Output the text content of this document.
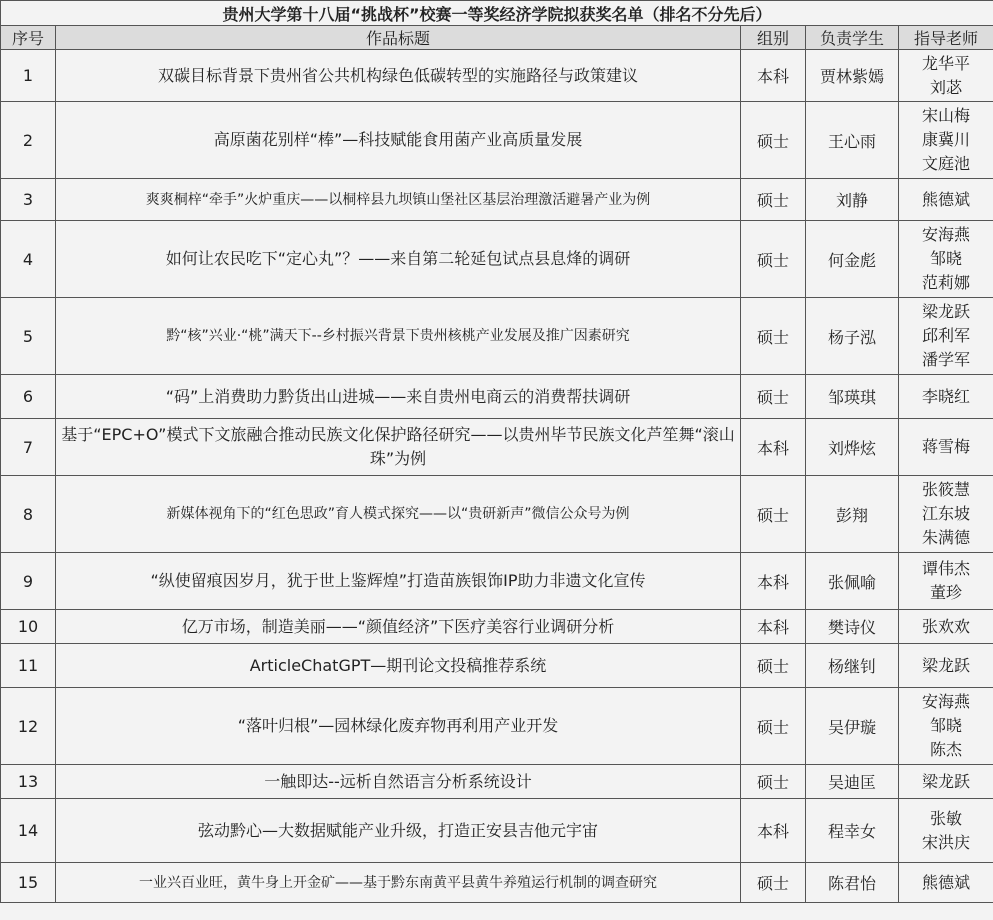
贵州大学第十八届“挑战杯”校赛一等奖经济学院拟获奖名单（排名不分先后）				
序号	作品标题	组别	负责学生	指导老师
1	双碳目标背景下贵州省公共机构绿色低碳转型的实施路径与政策建议	本科	贾林紫嫣	龙华平
刘苾

2	高原菌花别样“棒”—科技赋能食用菌产业高质量发展	硕士	王心雨	宋山梅
康冀川
文庭池

3	爽爽桐梓“牵手”火炉重庆——以桐梓县九坝镇山堡社区基层治理激活避暑产业为例	硕士	刘静	熊德斌

4	如何让农民吃下“定心丸”？——来自第二轮延包试点县息烽的调研	硕士	何金彪	安海燕
邹晓
范莉娜

5	黔“核”兴业·“桃”满天下--乡村振兴背景下贵州核桃产业发展及推广因素研究	硕士	杨子泓	梁龙跃
邱利军
潘学军

6	“码”上消费助力黔货出山进城——来自贵州电商云的消费帮扶调研	硕士	邹瑛琪	李晓红

7	基于“EPC+O”模式下文旅融合推动民族文化保护路径研究——以贵州毕节民族文化芦笙舞“滚山珠”为例	本科	刘烨炫	蒋雪梅

8	新媒体视角下的“红色思政”育人模式探究——以“贵研新声”微信公众号为例	硕士	彭翔	张筱慧
江东坡
朱满德

9	“纵使留痕因岁月，犹于世上鉴辉煌”打造苗族银饰IP助力非遗文化宣传	本科	张佩喻	谭伟杰
董珍

10	亿万市场，制造美丽——“颜值经济”下医疗美容行业调研分析	本科	樊诗仪	张欢欢

11	ArticleChatGPT—期刊论文投稿推荐系统	硕士	杨继钊	梁龙跃

12	“落叶归根”—园林绿化废弃物再利用产业开发	硕士	吴伊璇	安海燕
邹晓
陈杰

13	一触即达--远析自然语言分析系统设计	硕士	吴迪匡	梁龙跃

14	弦动黔心—大数据赋能产业升级，打造正安县吉他元宇宙	本科	程幸女	张敏
宋洪庆

15	一业兴百业旺，黄牛身上开金矿——基于黔东南黄平县黄牛养殖运行机制的调查研究	硕士	陈君怡	熊德斌
